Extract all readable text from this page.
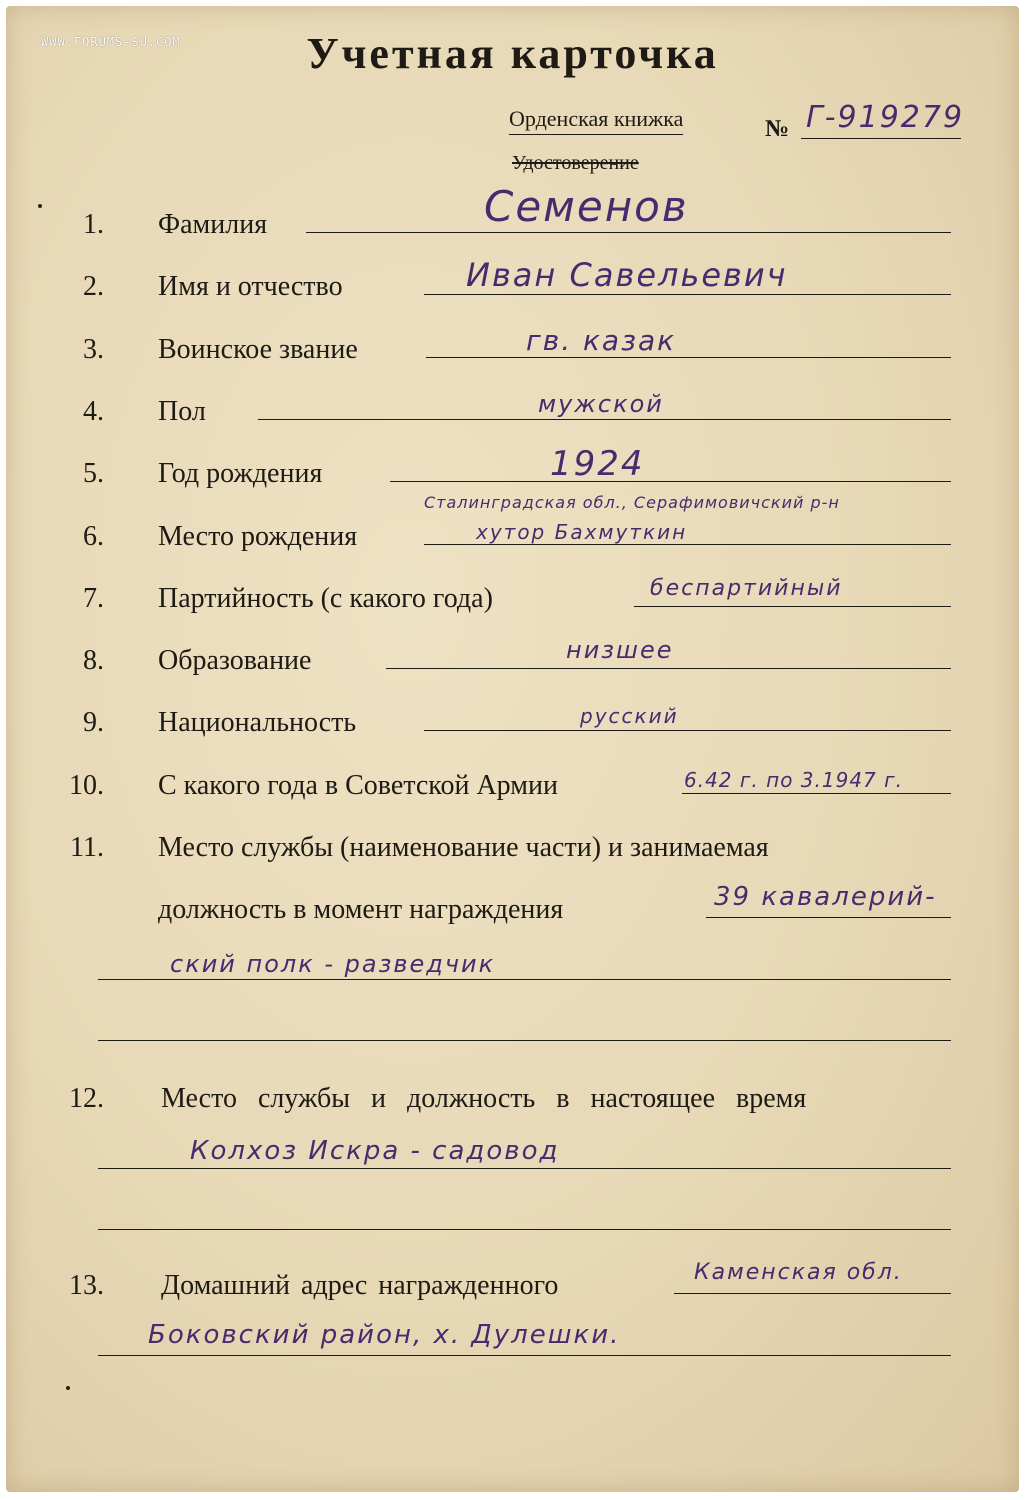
WWW.FORUMS-SU.COM	Учетная карточка
Орденская книжка	№ Г-919279
Удостоверение
1. Фамилия	Семенов
2. Имя и отчество	Иван Савельевич
3. Воинское звание	гв. казак
4. Пол	мужской
5. Год рождения	1924
6. Место рождения
Сталинградская обл., Серафимовичский р-н
хутор Бахмуткин
7. Партийность (с какого года)	беспартийный
8. Образование	низшее
9. Национальность	русский
10. С какого года в Советской Армии	6.42 г. по 3.1947 г.
11. Место службы (наименование части) и занимаемая
должность в момент награждения	39 кавалерий-
ский полк - разведчик
12. Место службы и должность в настоящее время
Колхоз Искра - садовод
13. Домашний адрес награжденного	Каменская обл.
Боковский район, х. Дулешки.
